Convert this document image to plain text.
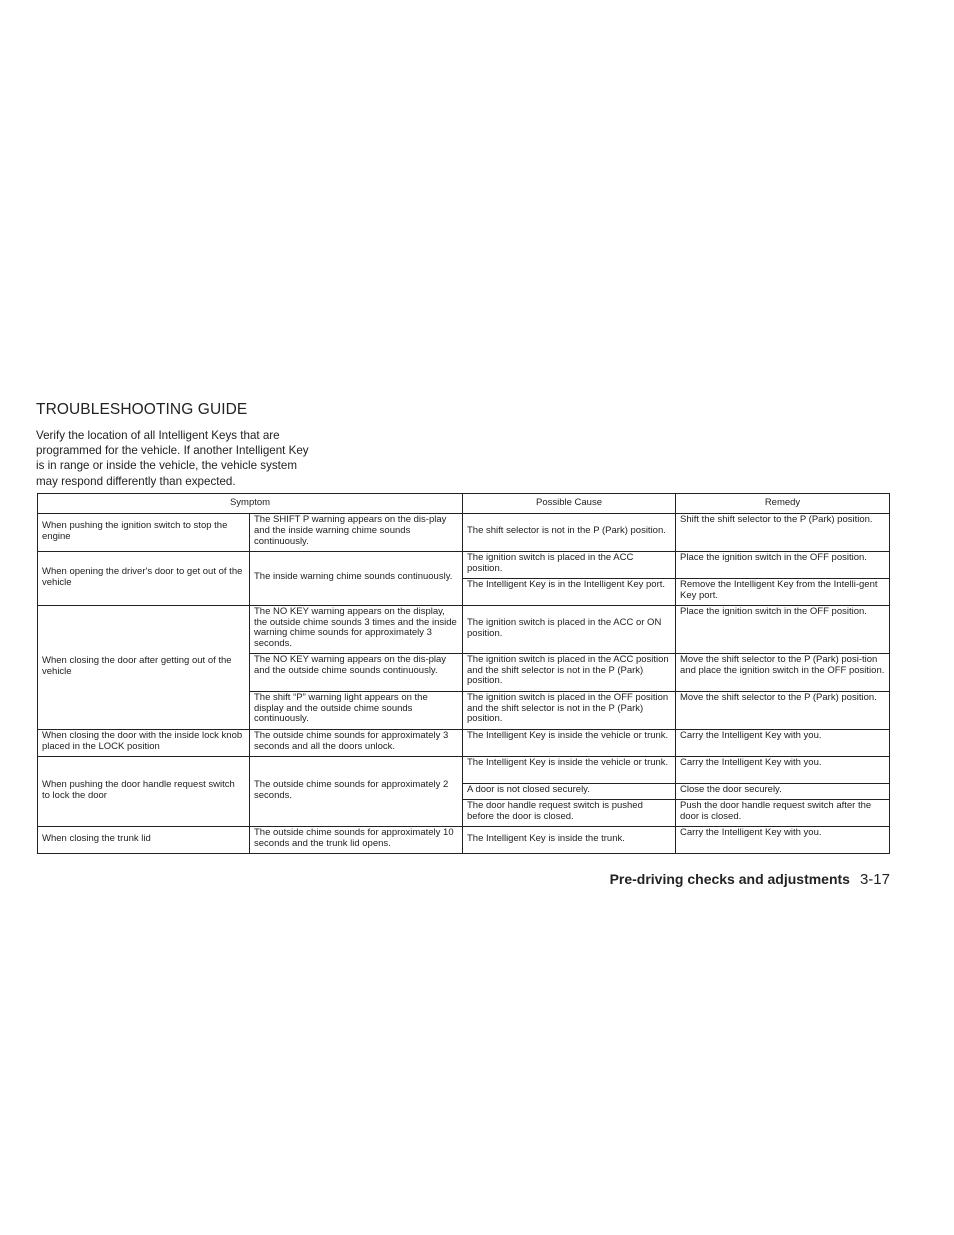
TROUBLESHOOTING GUIDE
Verify the location of all Intelligent Keys that are programmed for the vehicle. If another Intelligent Key is in range or inside the vehicle, the vehicle system may respond differently than expected.
Symptom		Possible Cause	Remedy
When pushing the ignition switch to stop the engine	The SHIFT P warning appears on the dis-play and the inside warning chime sounds continuously.	The shift selector is not in the P (Park) position.	Shift the shift selector to the P (Park) position.
When opening the driver's door to get out of the vehicle	The inside warning chime sounds continuously.	The ignition switch is placed in the ACC position.	Place the ignition switch in the OFF position.
		The Intelligent Key is in the Intelligent Key port.	Remove the Intelligent Key from the Intelli-gent Key port.
When closing the door after getting out of the vehicle	The NO KEY warning appears on the display, the outside chime sounds 3 times and the inside warning chime sounds for approximately 3 seconds.	The ignition switch is placed in the ACC or ON position.	Place the ignition switch in the OFF position.
	The NO KEY warning appears on the dis-play and the outside chime sounds continuously.	The ignition switch is placed in the ACC position and the shift selector is not in the P (Park) position.	Move the shift selector to the P (Park) posi-tion and place the ignition switch in the OFF position.
	The shift “P” warning light appears on the display and the outside chime sounds continuously.	The ignition switch is placed in the OFF position and the shift selector is not in the P (Park) position.	Move the shift selector to the P (Park) position.
When closing the door with the inside lock knob placed in the LOCK position	The outside chime sounds for approximately 3 seconds and all the doors unlock.	The Intelligent Key is inside the vehicle or trunk.	Carry the Intelligent Key with you.
When pushing the door handle request switch to lock the door	The outside chime sounds for approximately 2 seconds.	The Intelligent Key is inside the vehicle or trunk.	Carry the Intelligent Key with you.
		A door is not closed securely.	Close the door securely.
		The door handle request switch is pushed before the door is closed.	Push the door handle request switch after the door is closed.
When closing the trunk lid	The outside chime sounds for approximately 10 seconds and the trunk lid opens.	The Intelligent Key is inside the trunk.	Carry the Intelligent Key with you.
Pre-driving checks and adjustments 3-17
